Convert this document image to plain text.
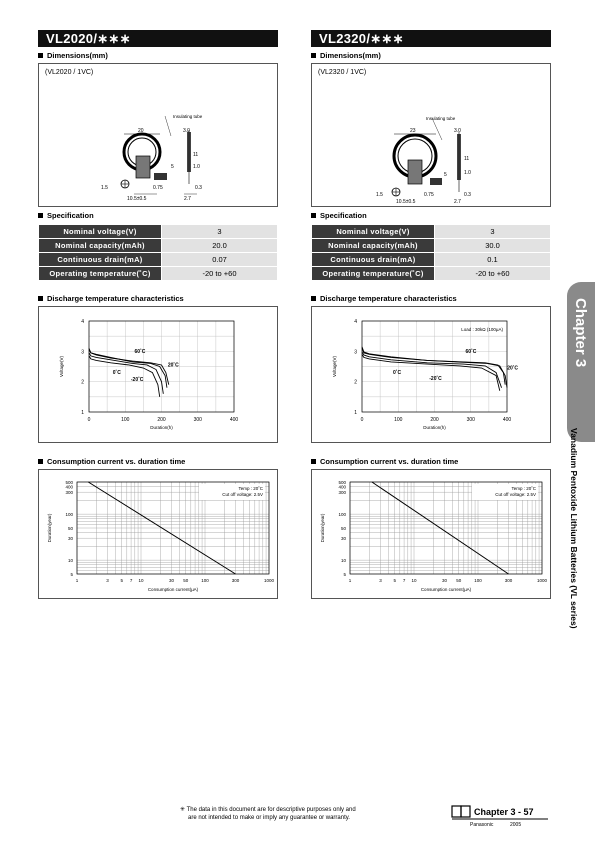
VL2020/∗∗∗
Dimensions(mm)
(VL2020 / 1VC)
Insulating tube
20	3.0
11
1.0
5
1.5	0.75	0.3
10.5±0.5	2.7
Specification
Nominal voltage(V)	3
Nominal capacity(mAh)	20.0
Continuous drain(mA)	0.07
Operating temperature(˚C)	-20 to +60
Discharge temperature characteristics
0	100	200	300	400
1
2
3
4
Duration(h)
Voltage(V)
60˚C
20˚C
0˚C
-20˚C
Consumption current vs. duration time
1	3	5 7 10	30 50	100	300	1000
5
10
30
50
100
300
400
500
Consumption current(μA)
Duration(year)
Temp : 20˚C
Cut off voltage: 2.5V
VL2320/∗∗∗
Dimensions(mm)
(VL2320 / 1VC)
Insulating tube
23	3.0
11
1.0
5
1.5	0.75	0.3
10.5±0.5	2.7
Specification
Nominal voltage(V)	3
Nominal capacity(mAh)	30.0
Continuous drain(mA)	0.1
Operating temperature(˚C)	-20 to +60
Discharge temperature characteristics
0	100	200	300	400
1
2
3
4
Duration(h)
Voltage(V)
Load : 30kΩ (100μA)
60˚C
20˚C
0˚C
-20˚C
Consumption current vs. duration time
1	3	5 7 10	30 50	100	300	1000
5
10
30
50
100
300
400
500
Consumption current(μA)
Duration(year)
Temp : 20˚C
Cut off voltage: 2.5V
Chapter 3
Vanadium Pentoxide Lithium Batteries (VL series)
✳ The data in this document are for descriptive purposes only and
are not intended to make or imply any guarantee or warranty.
Chapter 3 - 57
Panasonic	2005
